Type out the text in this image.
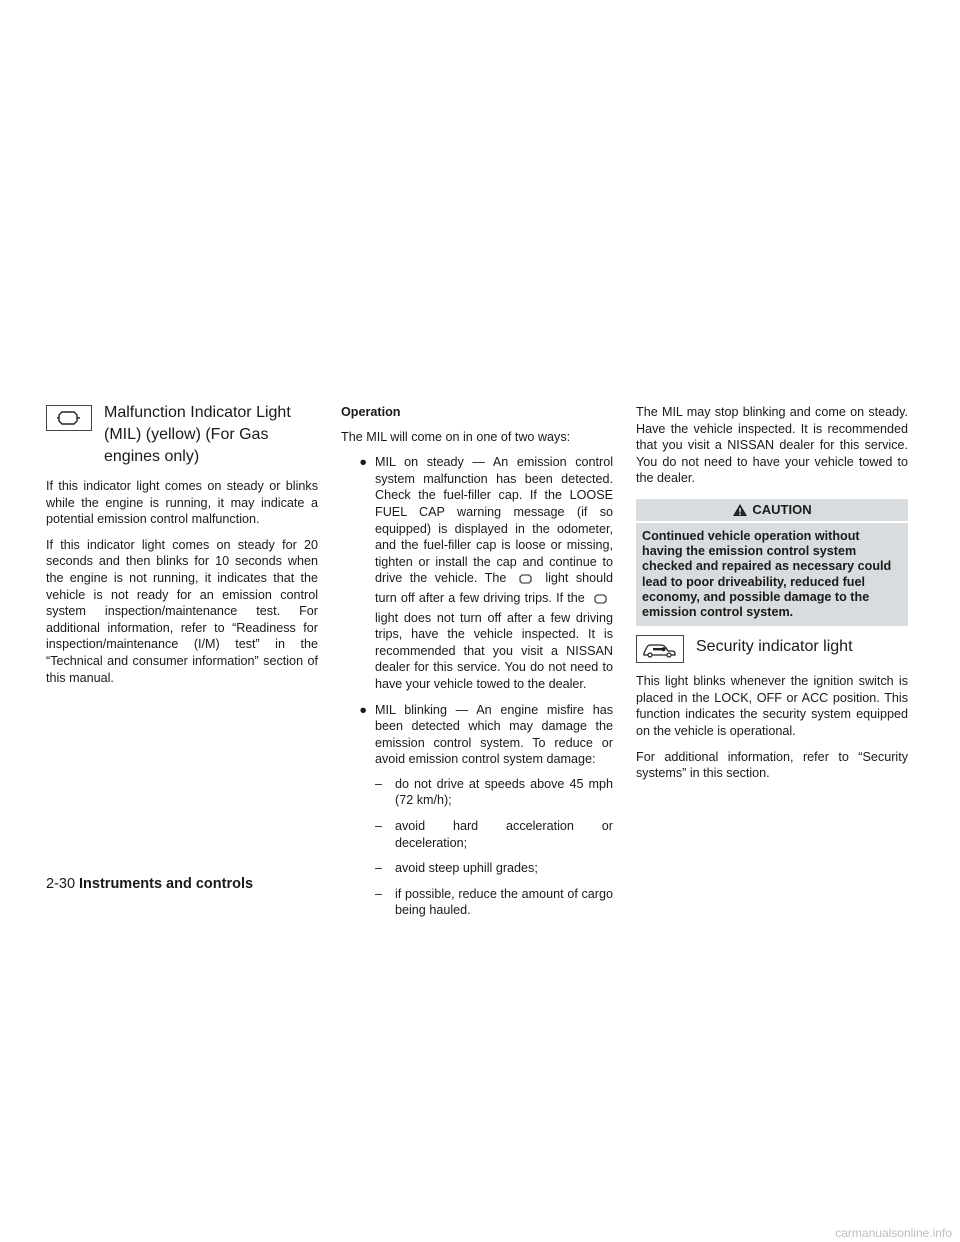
Malfunction Indicator Light (MIL) (yellow) (For Gas engines only)

If this indicator light comes on steady or blinks while the engine is running, it may indicate a potential emission control malfunction.

If this indicator light comes on steady for 20 seconds and then blinks for 10 seconds when the engine is not running, it indicates that the vehicle is not ready for an emission control system inspection/maintenance test. For additional information, refer to “Readiness for inspection/maintenance (I/M) test” in the “Technical and consumer information” section of this manual.

Operation

The MIL will come on in one of two ways:

● MIL on steady — An emission control system malfunction has been detected. Check the fuel-filler cap. If the LOOSE FUEL CAP warning message (if so equipped) is displayed in the odometer, and the fuel-filler cap is loose or missing, tighten or install the cap and continue to drive the vehicle. The	light should turn off after a few driving trips. If the  light does not turn off after a few driving trips, have the vehicle inspected. It is recommended that you visit a NISSAN dealer for this service. You do not need to have your vehicle towed to the dealer.

● MIL blinking — An engine misfire has been detected which may damage the emission control system. To reduce or avoid emission control system damage:

–	do not drive at speeds above 45 mph (72 km/h);
–	avoid hard acceleration or deceleration;
–	avoid steep uphill grades;
–	if possible, reduce the amount of cargo being hauled.

The MIL may stop blinking and come on steady. Have the vehicle inspected. It is recommended that you visit a NISSAN dealer for this service. You do not need to have your vehicle towed to the dealer.

CAUTION
Continued vehicle operation without having the emission control system checked and repaired as necessary could lead to poor driveability, reduced fuel economy, and possible damage to the emission control system.
Security indicator light

This light blinks whenever the ignition switch is placed in the LOCK, OFF or ACC position. This function indicates the security system equipped on the vehicle is operational.

For additional information, refer to “Security systems” in this section.

2-30 Instruments and controls
carmanualsonline.info
